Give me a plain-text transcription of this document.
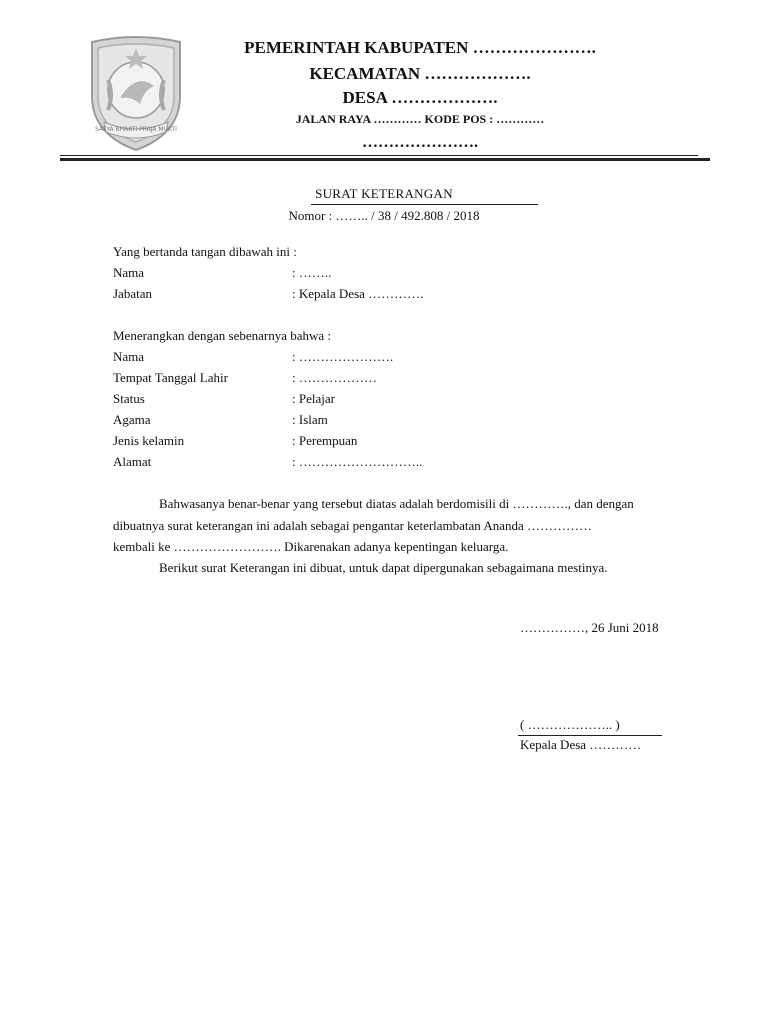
SATYA BHAKTI PRAJA MUKTI
PEMERINTAH KABUPATEN ………………….
KECAMATAN ……………….
DESA ……………….
JALAN RAYA ………… KODE POS : …………
………………….
SURAT KETERANGAN
Nomor : …….. / 38 / 492.808 / 2018
Yang bertanda tangan dibawah ini :
Nama	: ……..
Jabatan	: Kepala Desa ………….
Menerangkan dengan sebenarnya bahwa :
Nama	: ………………….
Tempat Tanggal Lahir	: ………………
Status	: Pelajar
Agama	: Islam
Jenis kelamin	: Perempuan
Alamat	: ………………………..
Bahwasanya benar-benar yang tersebut diatas adalah berdomisili di …………., dan dengan
dibuatnya surat keterangan ini adalah sebagai pengantar keterlambatan Ananda ……………
kembali ke ……………………. Dikarenakan adanya kepentingan keluarga.
Berikut surat Keterangan ini dibuat, untuk dapat dipergunakan sebagaimana mestinya.
……………, 26 Juni 2018
( ……………….. )
Kepala Desa …………
